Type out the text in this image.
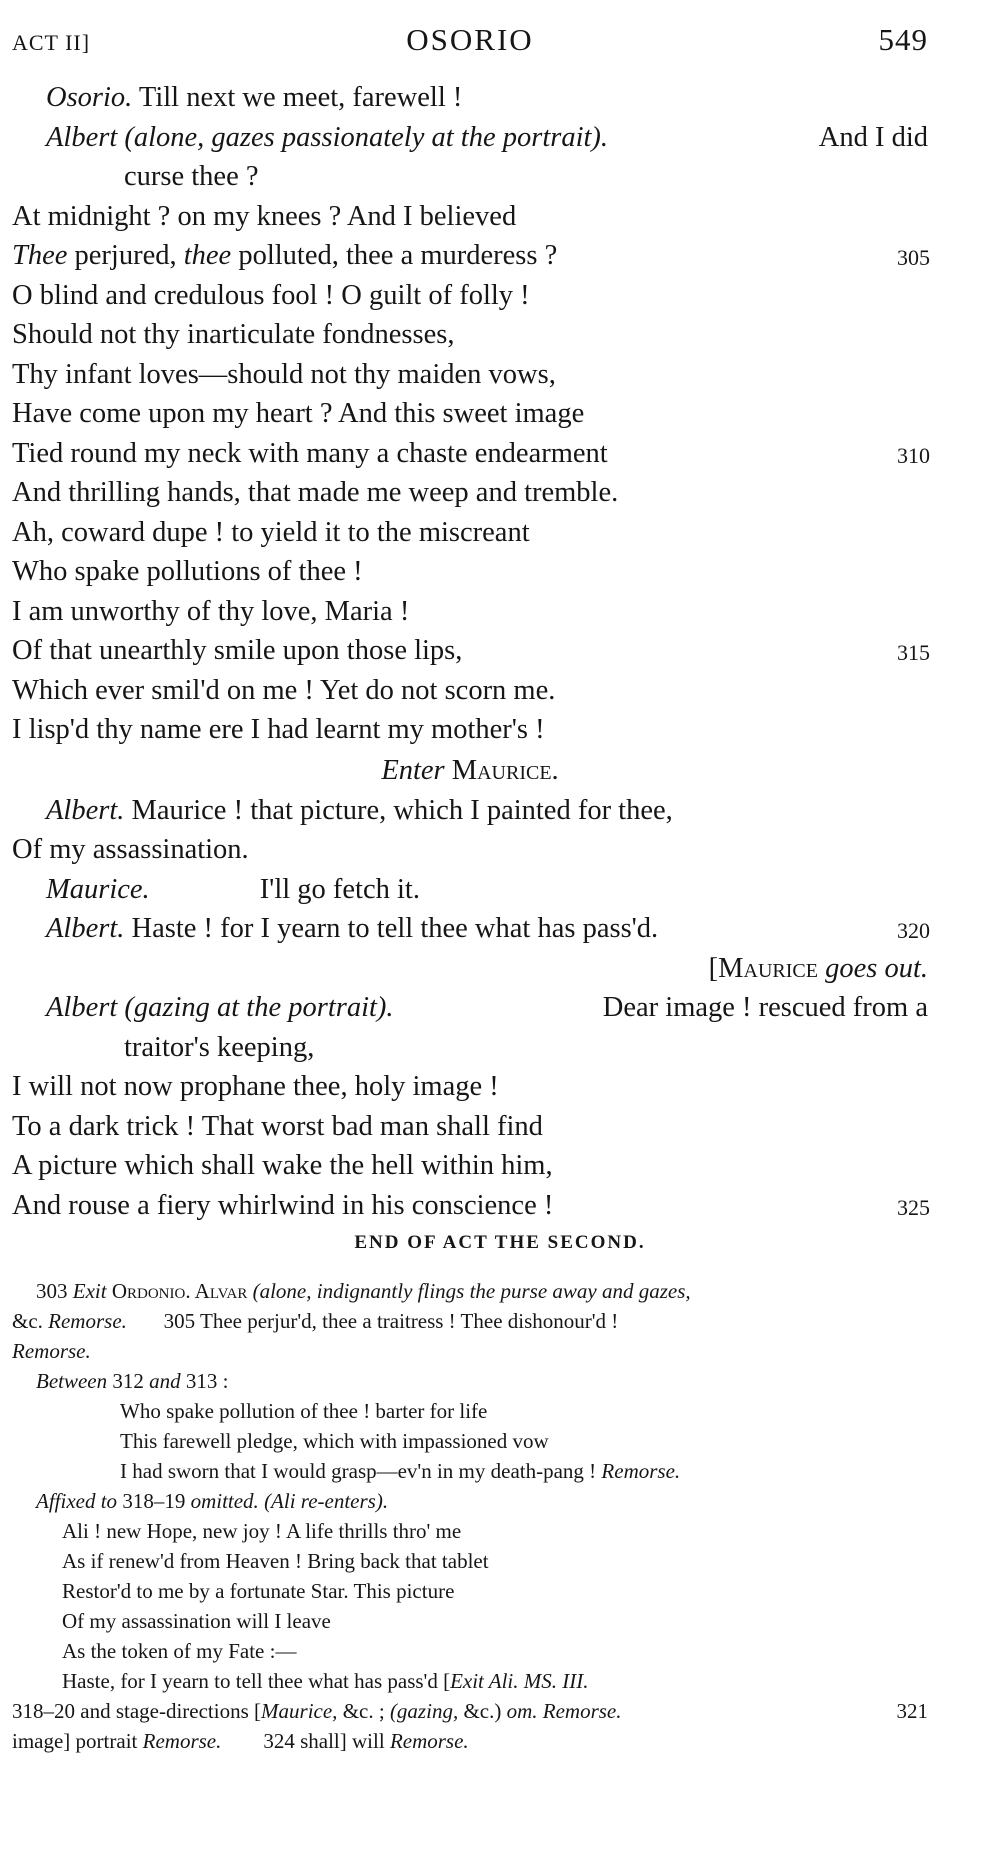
ACT II]	OSORIO	549
Osorio. Till next we meet, farewell !
Albert (alone, gazes passionately at the portrait).	And I did
curse thee ?
At midnight ? on my knees ? And I believed
Thee perjured, thee polluted, thee a murderess ?	305
O blind and credulous fool ! O guilt of folly !
Should not thy inarticulate fondnesses,
Thy infant loves—should not thy maiden vows,
Have come upon my heart ? And this sweet image
Tied round my neck with many a chaste endearment	310
And thrilling hands, that made me weep and tremble.
Ah, coward dupe ! to yield it to the miscreant
Who spake pollutions of thee !
I am unworthy of thy love, Maria !
Of that unearthly smile upon those lips,	315
Which ever smil'd on me ! Yet do not scorn me.
I lisp'd thy name ere I had learnt my mother's !
Enter Maurice.
Albert. Maurice ! that picture, which I painted for thee,
Of my assassination.
Maurice.	I'll go fetch it.
Albert. Haste ! for I yearn to tell thee what has pass'd.	320
[Maurice goes out.
Albert (gazing at the portrait).	Dear image ! rescued from a
traitor's keeping,
I will not now prophane thee, holy image !
To a dark trick ! That worst bad man shall find
A picture which shall wake the hell within him,
And rouse a fiery whirlwind in his conscience !	325
END OF ACT THE SECOND.
303 Exit Ordonio. Alvar (alone, indignantly flings the purse away and gazes,
&c. Remorse. 305 Thee perjur'd, thee a traitress ! Thee dishonour'd !
Remorse.
Between 312 and 313 :
Who spake pollution of thee ! barter for life
This farewell pledge, which with impassioned vow
I had sworn that I would grasp—ev'n in my death-pang ! Remorse.
Affixed to 318–19 omitted. (Ali re-enters).
Ali ! new Hope, new joy ! A life thrills thro' me
As if renew'd from Heaven ! Bring back that tablet
Restor'd to me by a fortunate Star. This picture
Of my assassination will I leave
As the token of my Fate :—
Haste, for I yearn to tell thee what has pass'd [Exit Ali. MS. III.
318–20 and stage-directions [Maurice, &c. ; (gazing, &c.) om. Remorse.	321
image] portrait Remorse. 324 shall] will Remorse.
